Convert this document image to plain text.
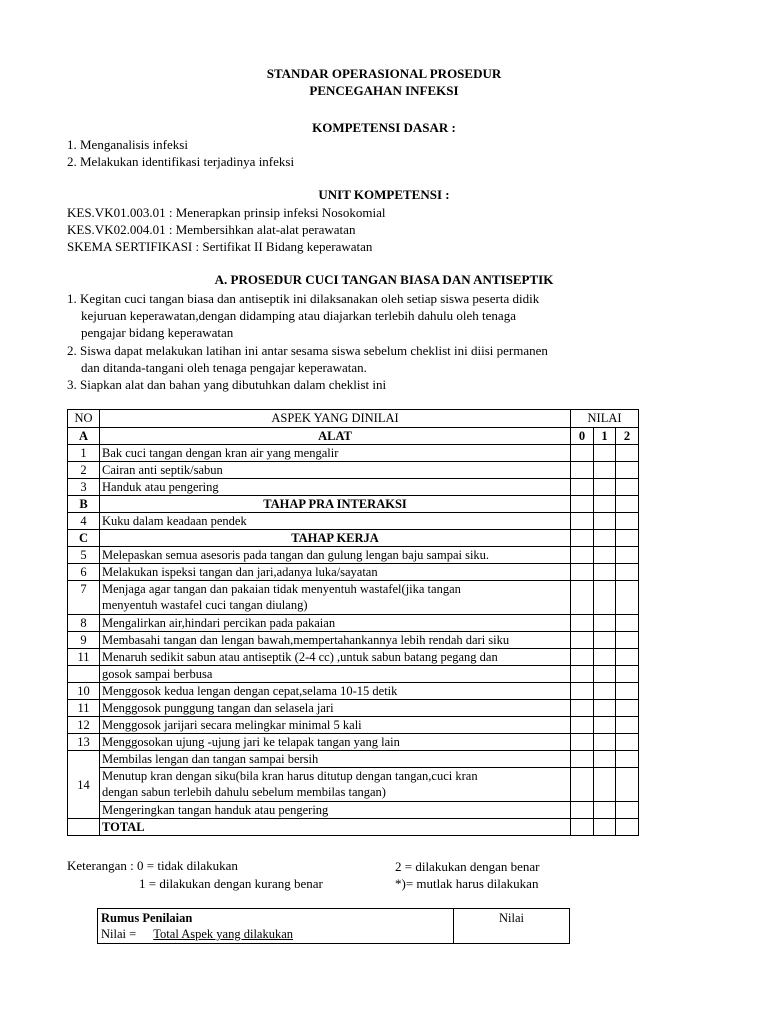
STANDAR OPERASIONAL PROSEDUR
PENCEGAHAN INFEKSI
KOMPETENSI DASAR :
1. Menganalisis infeksi
2. Melakukan identifikasi terjadinya infeksi
UNIT KOMPETENSI :
KES.VK01.003.01 : Menerapkan prinsip infeksi Nosokomial
KES.VK02.004.01 : Membersihkan alat-alat perawatan
SKEMA SERTIFIKASI : Sertifikat II Bidang keperawatan
A. PROSEDUR CUCI TANGAN BIASA DAN ANTISEPTIK
1. Kegitan cuci tangan biasa dan antiseptik ini dilaksanakan oleh setiap siswa peserta didik
kejuruan keperawatan,dengan didamping atau diajarkan terlebih dahulu oleh tenaga
pengajar bidang keperawatan
2. Siswa dapat melakukan latihan ini antar sesama siswa sebelum cheklist ini diisi permanen
dan ditanda-tangani oleh tenaga pengajar keperawatan.
3. Siapkan alat dan bahan yang dibutuhkan dalam cheklist ini
NO	ASPEK YANG DINILAI	NILAI		
A	ALAT	0	1	2
1	Bak cuci tangan dengan kran air yang mengalir			
2	Cairan anti septik/sabun			
3	Handuk atau pengering			
B	TAHAP PRA INTERAKSI			
4	Kuku dalam keadaan pendek			
C	TAHAP KERJA			
5	Melepaskan semua asesoris pada tangan dan gulung lengan baju sampai siku.			
6	Melakukan ispeksi tangan dan jari,adanya luka/sayatan			
7	Menjaga agar tangan dan pakaian tidak menyentuh wastafel(jika tangan
menyentuh wastafel cuci tangan diulang)			

8	Mengalirkan air,hindari percikan pada pakaian			
9	Membasahi tangan dan lengan bawah,mempertahankannya lebih rendah dari siku			
11	Menaruh sedikit sabun atau antiseptik (2-4 cc) ,untuk sabun batang pegang dan			
	gosok sampai berbusa			
10	Menggosok kedua lengan dengan cepat,selama 10-15 detik			
11	Menggosok punggung tangan dan selasela jari			
12	Menggosok jarijari secara melingkar minimal 5 kali			
13	Menggosokan ujung -ujung jari ke telapak tangan yang lain			
14	Membilas lengan dan tangan sampai bersih			

	Menutup kran dengan siku(bila kran harus ditutup dengan tangan,cuci kran
dengan sabun terlebih dahulu sebelum membilas tangan)			

	Mengeringkan tangan handuk atau pengering			
	TOTAL			
Keterangan : 0 = tidak dilakukan
1 = dilakukan dengan kurang benar
2 = dilakukan dengan benar
*)= mutlak harus dilakukan
Rumus Penilaian
Nilai = Total Aspek yang dilakukan
	Nilai
